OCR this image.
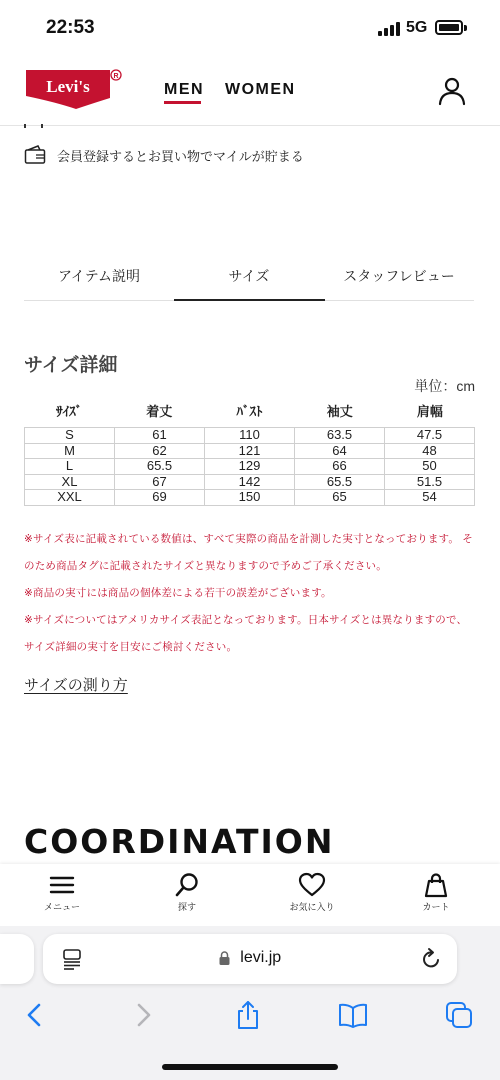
22:53	5G
Levi's
R
MEN WOMEN
会員登録するとお買い物でマイルが貯まる
アイテム説明	サイズ	スタッフレビュー
サイズ詳細
単位：cm
ｻｲｽﾞ	着丈	ﾊﾞｽﾄ	袖丈	肩幅
S	61	110	63.5	47.5
M	62	121	64	48
L	65.5	129	66	50
XL	67	142	65.5	51.5
XXL	69	150	65	54

※サイズ表に記載されている数値は、すべて実際の商品を計測した実寸となっております。 そのため商品タグに記載されたサイズと異なりますので予めご了承ください。

※商品の実寸には商品の個体差による若干の誤差がございます。

※サイズについてはアメリカサイズ表記となっております。日本サイズとは異なりますので、サイズ詳細の実寸を目安にご検討ください。

サイズの測り方
COORDINATION
メニュー	探す	お気に入り	カート
levi.jp
